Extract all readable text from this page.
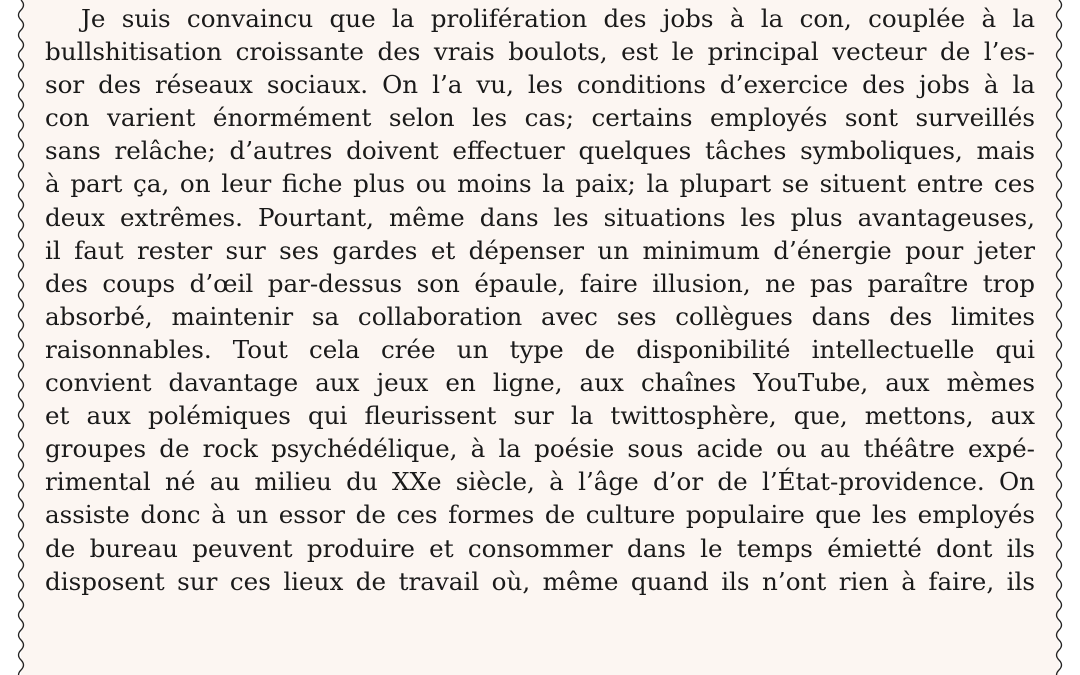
Je suis convaincu que la prolifération des jobs à la con, couplée à la
bullshitisation croissante des vrais boulots, est le principal vecteur de l’es-
sor des réseaux sociaux. On l’a vu, les conditions d’exercice des jobs à la
con varient énormément selon les cas; certains employés sont surveillés
sans relâche; d’autres doivent effectuer quelques tâches symboliques, mais
à part ça, on leur fiche plus ou moins la paix; la plupart se situent entre ces
deux extrêmes. Pourtant, même dans les situations les plus avantageuses,
il faut rester sur ses gardes et dépenser un minimum d’énergie pour jeter
des coups d’œil par-dessus son épaule, faire illusion, ne pas paraître trop
absorbé, maintenir sa collaboration avec ses collègues dans des limites
raisonnables. Tout cela crée un type de disponibilité intellectuelle qui
convient davantage aux jeux en ligne, aux chaînes YouTube, aux mèmes
et aux polémiques qui fleurissent sur la twittosphère, que, mettons, aux
groupes de rock psychédélique, à la poésie sous acide ou au théâtre expé-
rimental né au milieu du XXe siècle, à l’âge d’or de l’État-providence. On
assiste donc à un essor de ces formes de culture populaire que les employés
de bureau peuvent produire et consommer dans le temps émietté dont ils
disposent sur ces lieux de travail où, même quand ils n’ont rien à faire, ils
